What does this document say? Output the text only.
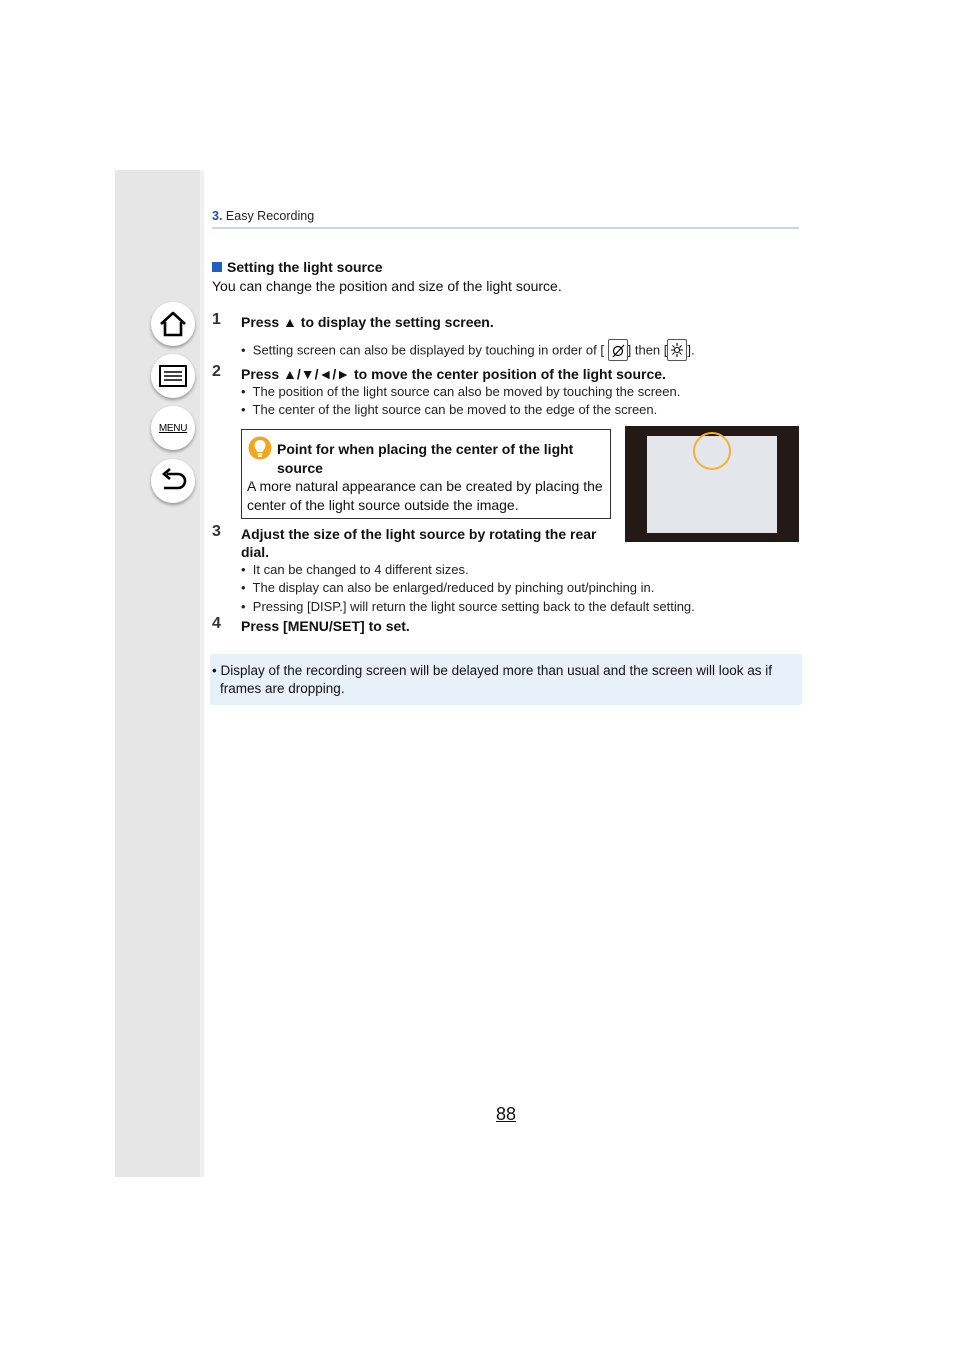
MENU
3. Easy Recording
Setting the light source
You can change the position and size of the light source.
1 Press ▲ to display the setting screen.
•  Setting screen can also be displayed by touching in order of [ ] then [ ].
2 Press ▲/▼/◄/► to move the center position of the light source.
•  The position of the light source can also be moved by touching the screen.
•  The center of the light source can be moved to the edge of the screen.
Point for when placing the center of the light source
A more natural appearance can be created by placing the center of the light source outside the image.
3 Adjust the size of the light source by rotating the rear
dial.
•  It can be changed to 4 different sizes.
•  The display can also be enlarged/reduced by pinching out/pinching in.
•  Pressing [DISP.] will return the light source setting back to the default setting.
4 Press [MENU/SET] to set.
• Display of the recording screen will be delayed more than usual and the screen will look as if frames are dropping.
88
